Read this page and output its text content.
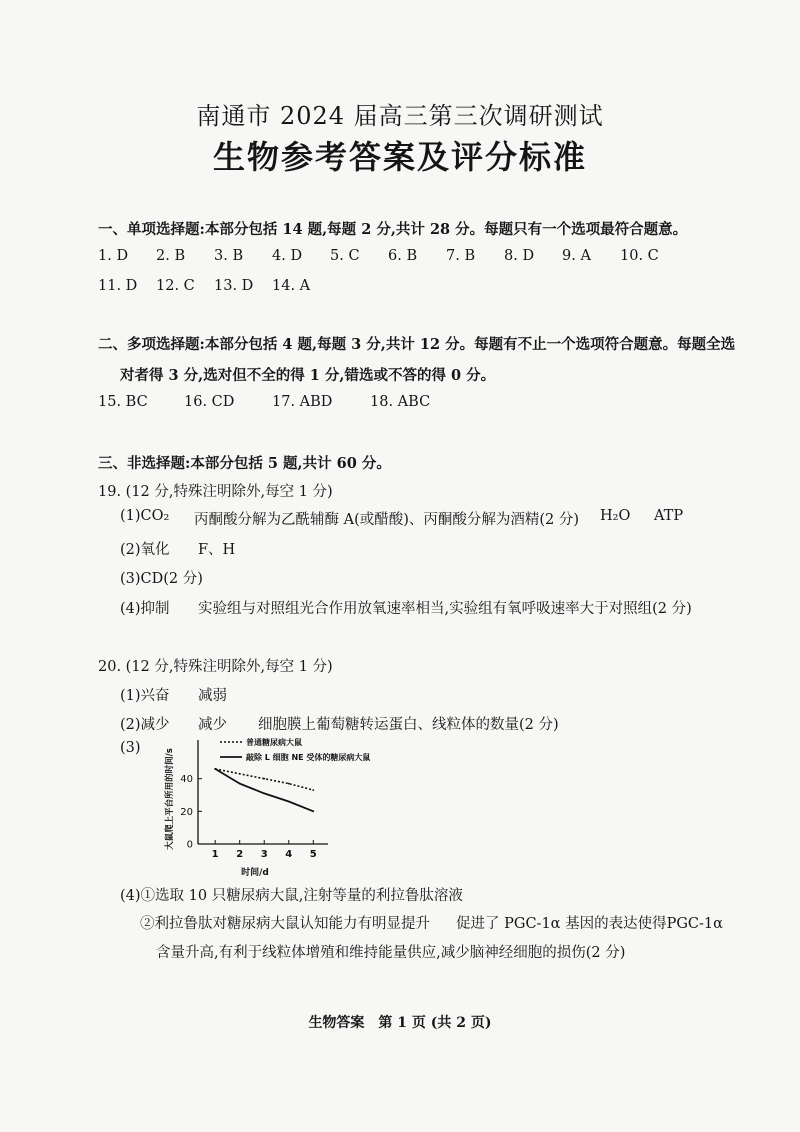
南通市 2024 届高三第三次调研测试
生物参考答案及评分标准
一、单项选择题:本部分包括 14 题,每题 2 分,共计 28 分。每题只有一个选项最符合题意。
1. D 2. B 3. B 4. D 5. C 6. B 7. B 8. D 9. A 10. C
11. D 12. C 13. D 14. A
二、多项选择题:本部分包括 4 题,每题 3 分,共计 12 分。每题有不止一个选项符合题意。每题全选
对者得 3 分,选对但不全的得 1 分,错选或不答的得 0 分。
15. BC	16. CD	17. ABD	18. ABC
三、非选择题:本部分包括 5 题,共计 60 分。
19. (12 分,特殊注明除外,每空 1 分)
(1)CO₂ 丙酮酸分解为乙酰辅酶 A(或醋酸)、丙酮酸分解为酒精(2 分) H₂O ATP
(2)氧化 F、H
(3)CD(2 分)
(4)抑制 实验组与对照组光合作用放氧速率相当,实验组有氧呼吸速率大于对照组(2 分)
20. (12 分,特殊注明除外,每空 1 分)
(1)兴奋 减弱
(2)减少 减少 细胞膜上葡萄糖转运蛋白、线粒体的数量(2 分)
(3)
0
20
40
1 2 3 4 5
时间/d
大鼠爬上平台所用的时间/s
普通糖尿病大鼠
敲除 L 细胞 NE 受体的糖尿病大鼠
(4)①选取 10 只糖尿病大鼠,注射等量的利拉鲁肽溶液
②利拉鲁肽对糖尿病大鼠认知能力有明显提升 促进了 PGC-1α 基因的表达使得PGC-1α
含量升高,有利于线粒体增殖和维持能量供应,减少脑神经细胞的损伤(2 分)
生物答案　第 1 页 (共 2 页)
